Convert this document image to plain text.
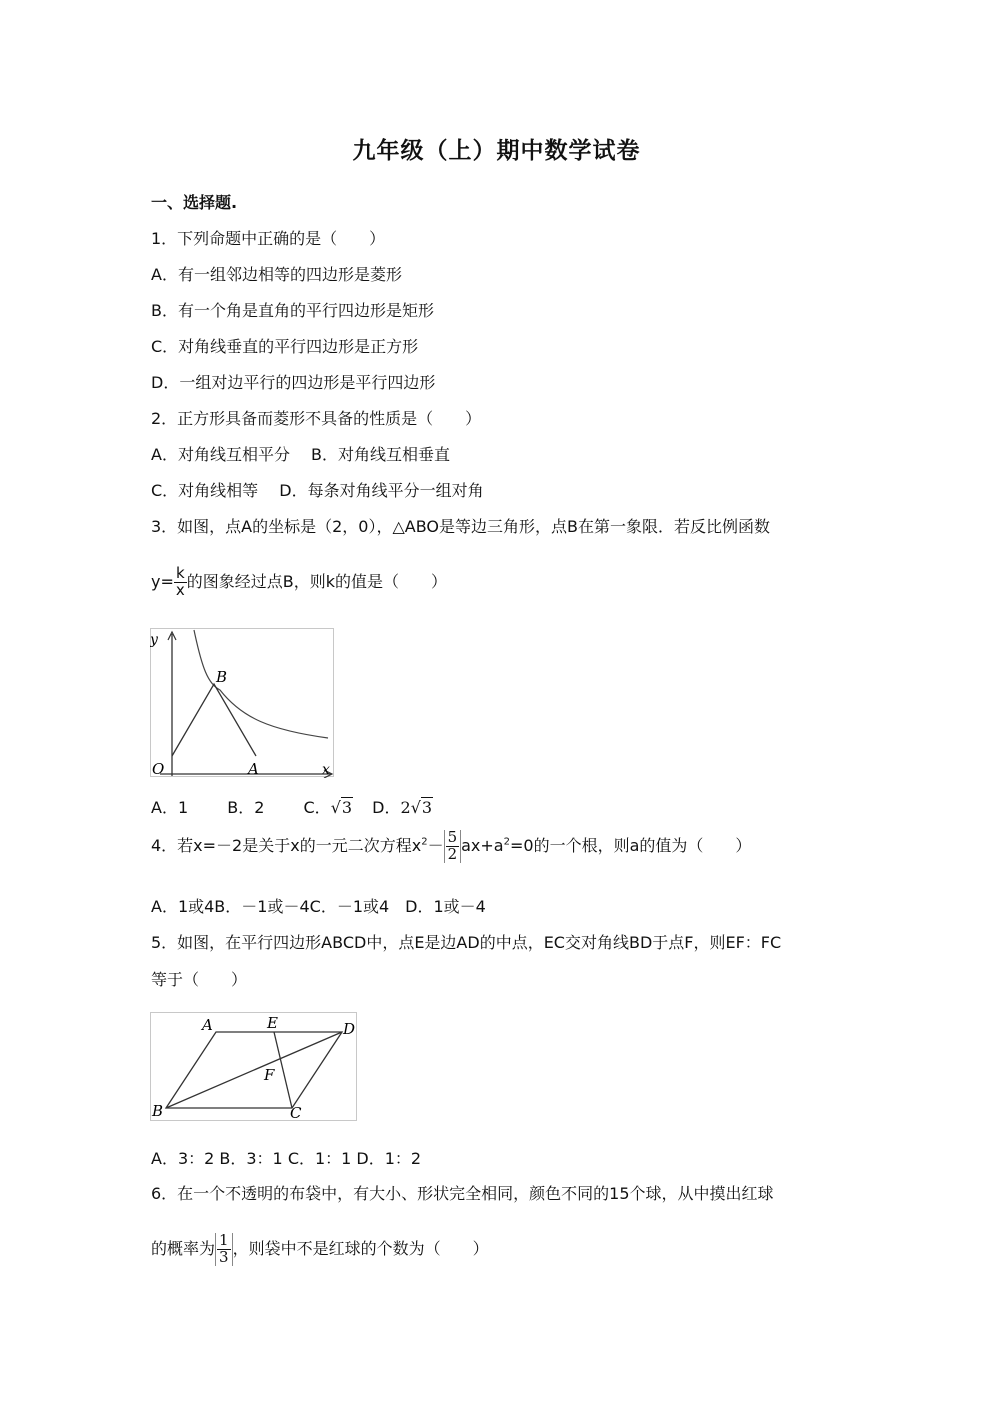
九年级（上）期中数学试卷
一、选择题.
1．下列命题中正确的是（　　）
A．有一组邻边相等的四边形是菱形
B．有一个角是直角的平行四边形是矩形
C．对角线垂直的平行四边形是正方形
D．一组对边平行的四边形是平行四边形
2．正方形具备而菱形不具备的性质是（　　）
A．对角线互相平分　 B．对角线互相垂直
C．对角线相等　 D．每条对角线平分一组对角
3．如图，点A的坐标是（2，0），△ABO是等边三角形，点B在第一象限．若反比例函数
$y= \frac{k}{x}$ 的图象经过点B，则k的值是（　　）
y
O	A
B
x
A．1 B．2 C．√3 D．2√3
4．若x=－2是关于x的一元二次方程$x^2- \frac{5}{2} ax+a^2=0$的一个根，则a的值为（　　）
A．1或4B．－1或－4C．－1或4　D．1或－4
5．如图，在平行四边形ABCD中，点E是边AD的中点，EC交对角线BD于点F，则EF：FC
等于（　　）
A	E	D
F
B	C
A．3：2 B．3：1 C．1：1 D．1：2
6．在一个不透明的布袋中，有大小、形状完全相同，颜色不同的15个球，从中摸出红球
的概率为 $\frac{1}{3}$ ，则袋中不是红球的个数为（　　）
